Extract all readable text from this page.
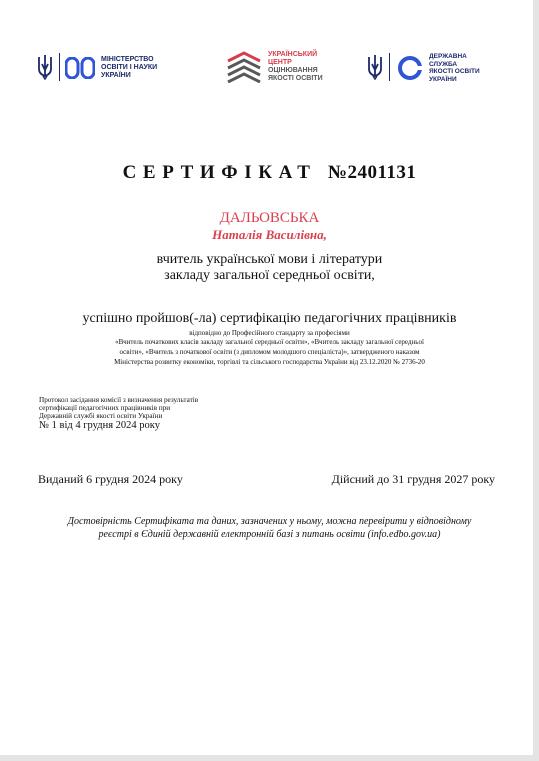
МІНІСТЕРСТВО
ОСВІТИ І НАУКИ
УКРАЇНИ
УКРАЇНСЬКИЙ
ЦЕНТР
ОЦІНЮВАННЯ
ЯКОСТІ ОСВІТИ
ДЕРЖАВНА
СЛУЖБА
ЯКОСТІ ОСВІТИ
УКРАЇНИ
СЕРТИФІКАТ №2401131
ДАЛЬОВСЬКА
Наталія Василівна,
вчитель української мови і літератури
закладу загальної середньої освіти,
успішно пройшов(-ла) сертифікацію педагогічних працівників
відповідно до Професійного стандарту за професіями
«Вчитель початкових класів закладу загальної середньої освіти», «Вчитель закладу загальної середньої
освіти», «Вчитель з початкової освіти (з дипломом молодшого спеціаліста)», затвердженого наказом
Міністерства розвитку економіки, торгівлі та сільського господарства України від 23.12.2020 № 2736-20
Протокол засідання комісії з визначення результатів
сертифікації педагогічних працівників при
Державній службі якості освіти України
№ 1 від 4 грудня 2024 року
Виданий 6 грудня 2024 року	Дійсний до 31 грудня 2027 року
Достовірність Сертифіката та даних, зазначених у ньому, можна перевірити у відповідному
реєстрі в Єдиній державній електронній базі з питань освіти (info.edbo.gov.ua)
